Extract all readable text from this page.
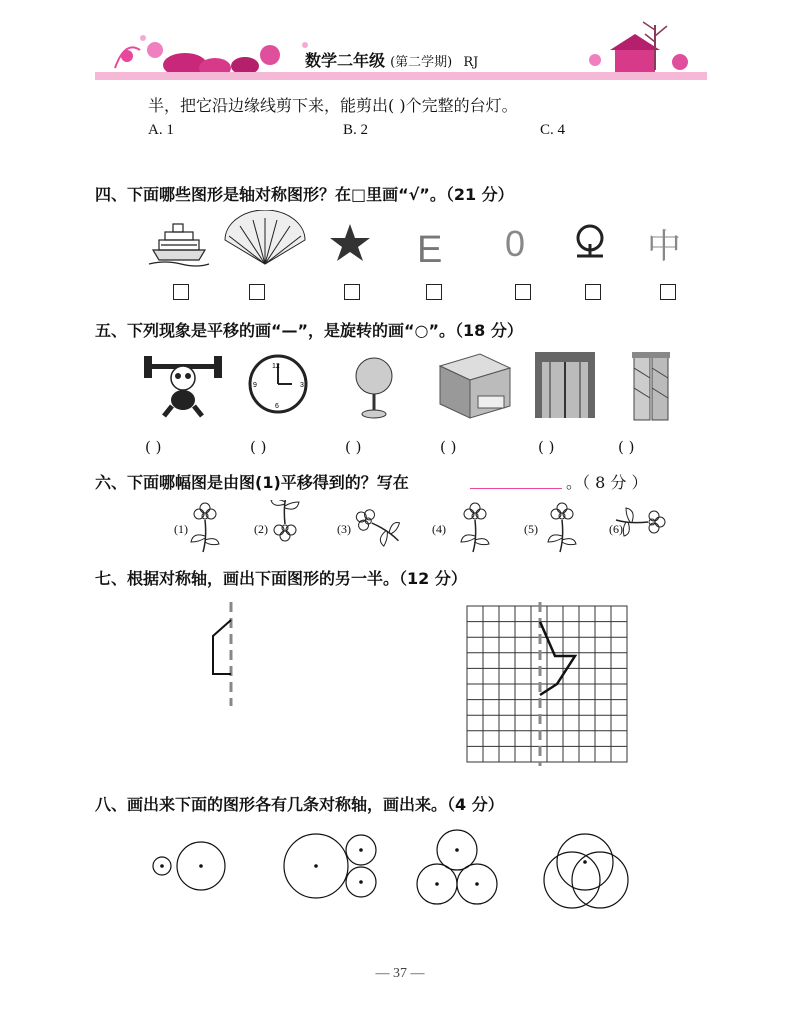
数学二年级 (第二学期) RJ
半，把它沿边缘线剪下来，能剪出( )个完整的台灯。
A. 1	B. 2	C. 4
四、下面哪些图形是轴对称图形？在□里画“√”。（21 分）
E 0	中
五、下列现象是平移的画“—”，是旋转的画“○”。（18 分）
12
3
6
9
( )	( )	( )	( )	( )	( )
六、下面哪幅图是由图(1)平移得到的？写在	。（ 8 分 ）
(1)	(2)	(3)	(4)	(5)	(6)
七、根据对称轴，画出下面图形的另一半。（12 分）
八、画出来下面的图形各有几条对称轴，画出来。（4 分）
— 37 —
